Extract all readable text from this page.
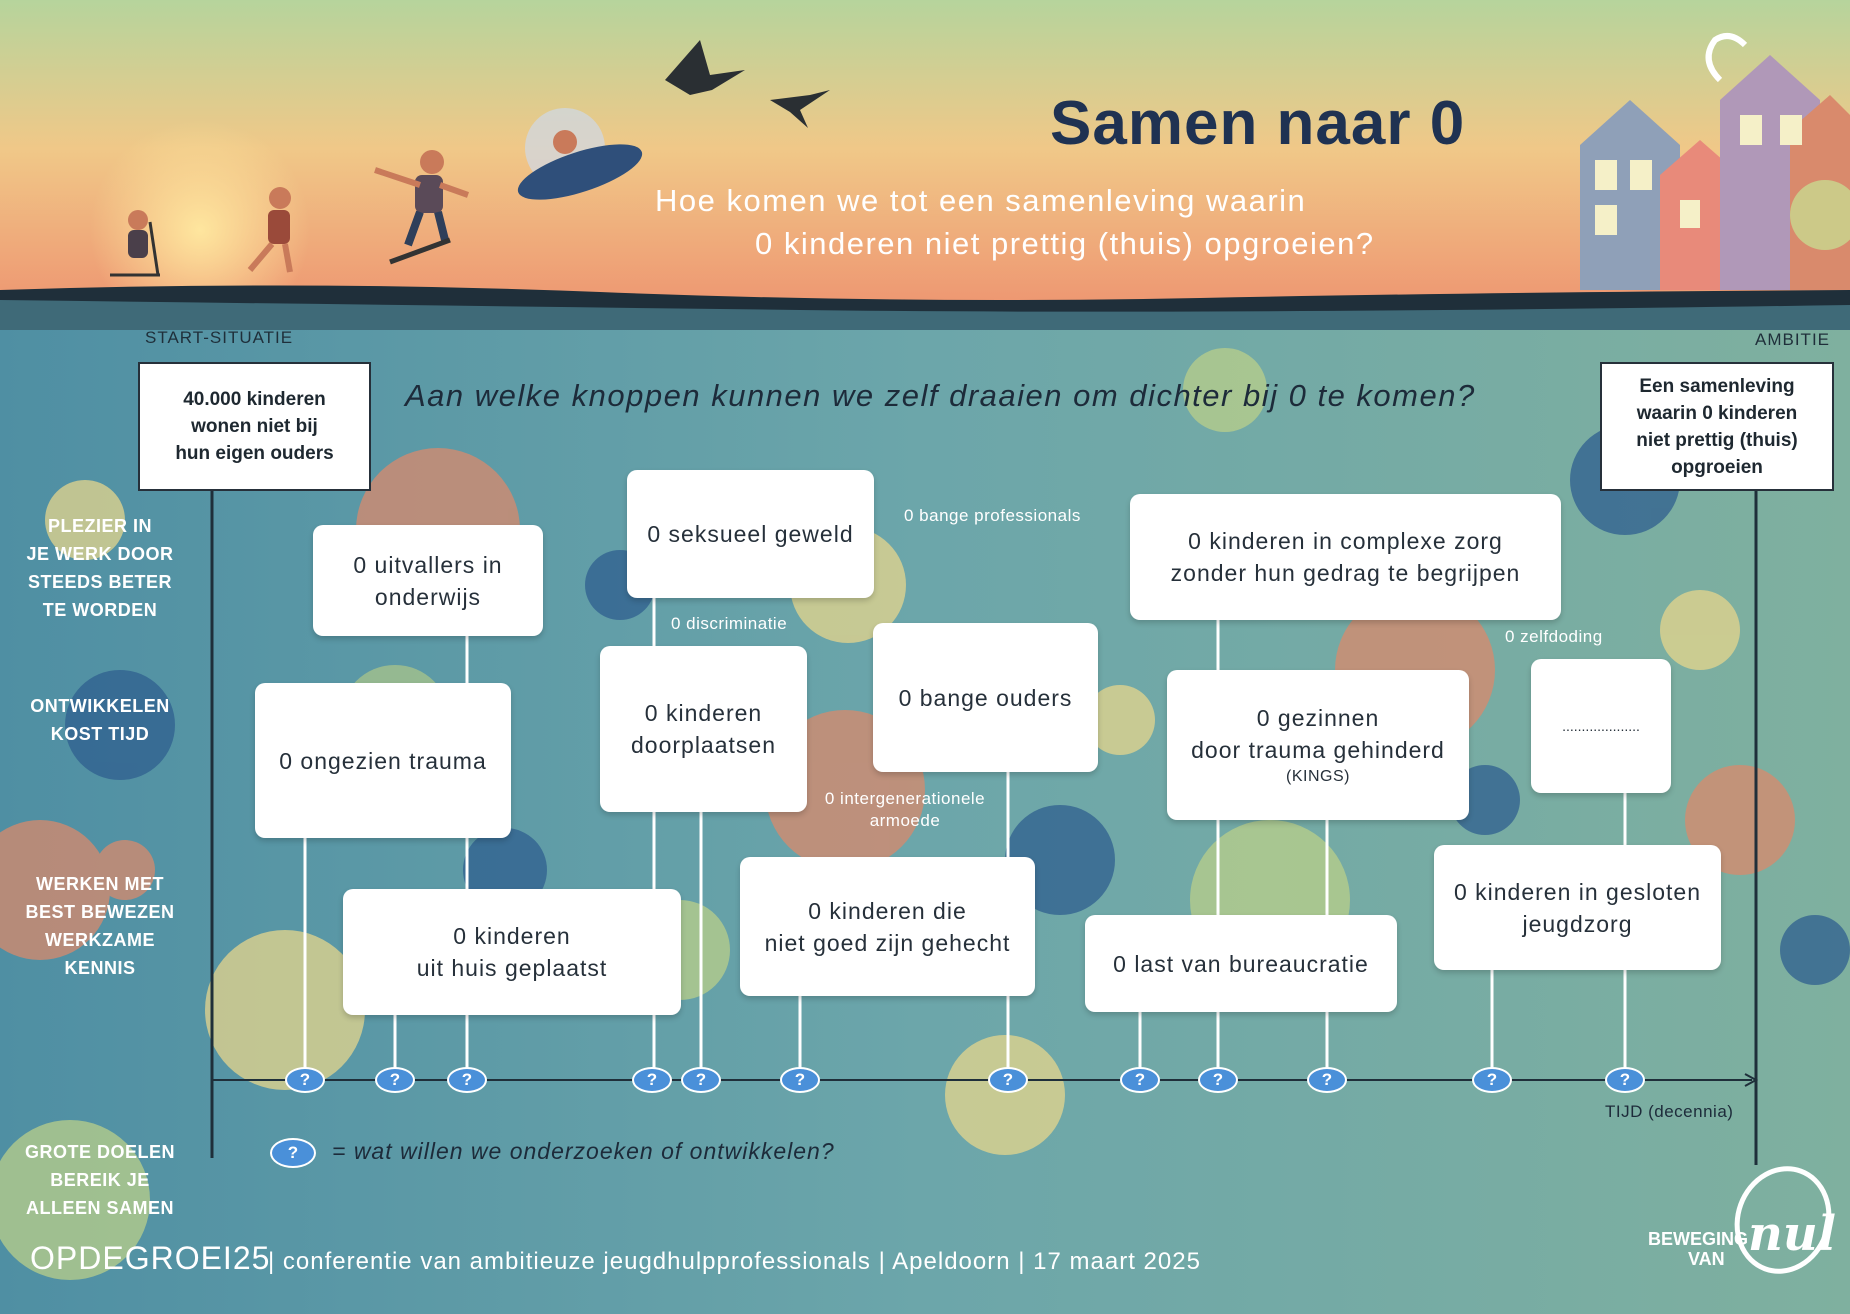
Samen naar 0
Hoe komen we tot een samenleving waarin
0 kinderen niet prettig (thuis) opgroeien?
START-SITUATIE	AMBITIE
Aan welke knoppen kunnen we zelf draaien om dichter bij 0 te komen?
40.000 kinderen
wonen niet bij
hun eigen ouders
Een samenleving
waarin 0 kinderen
niet prettig (thuis)
opgroeien
PLEZIER IN
JE WERK DOOR
STEEDS BETER
TE WORDEN
ONTWIKKELEN
KOST TIJD
WERKEN MET
BEST BEWEZEN
WERKZAME
KENNIS
GROTE DOELEN
BEREIK JE
ALLEEN SAMEN
0 uitvallers in
onderwijs
0 seksueel geweld	0 kinderen in complexe zorg
zonder hun gedrag te begrijpen
0 ongezien trauma
0 kinderen
doorplaatsen
0 bange ouders
0 gezinnen
door trauma gehinderd
(KINGS)
....................
0 kinderen
uit huis geplaatst
0 kinderen die
niet goed zijn gehecht
0 last van bureaucratie
0 kinderen in gesloten
jeugdzorg
0 bange professionals
0 discriminatie
0 zelfdoding
0 intergenerationele
armoede
?	?	?	?	?	?	?	?	?	?	?	?
TIJD (decennia)
?	= wat willen we onderzoeken of ontwikkelen?
OPDEGROEI25
| conferentie van ambitieuze jeugdhulpprofessionals | Apeldoorn | 17 maart 2025
BEWEGING
VAN nul
